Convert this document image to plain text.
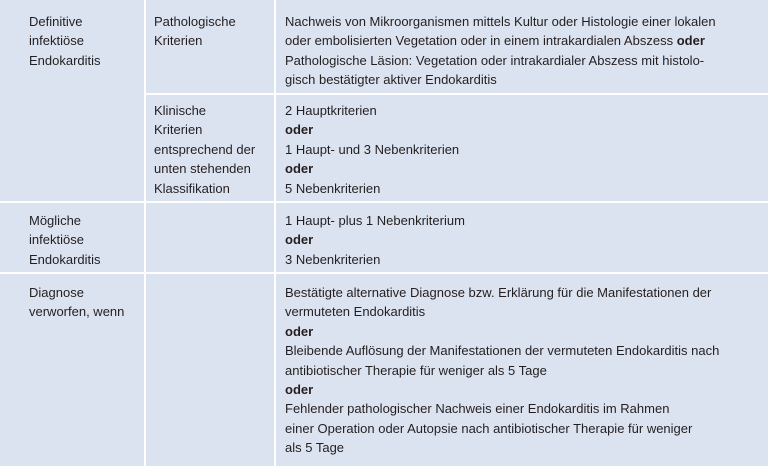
Definitive
infektiöse
Endokarditis
Pathologische
Kriterien
Nachweis von Mikroorganismen mittels Kultur oder Histologie einer lokalen
oder embolisierten Vegetation oder in einem intrakardialen Abszess oder
Pathologische Läsion: Vegetation oder intrakardialer Abszess mit histolo-
gisch bestätigter aktiver Endokarditis
Klinische
Kriterien
entsprechend der
unten stehenden
Klassifikation
2 Hauptkriterien
oder
1 Haupt- und 3 Nebenkriterien
oder
5 Nebenkriterien
Mögliche
infektiöse
Endokarditis
1 Haupt- plus 1 Nebenkriterium
oder
3 Nebenkriterien
Diagnose
verworfen, wenn
Bestätigte alternative Diagnose bzw. Erklärung für die Manifestationen der
vermuteten Endokarditis
oder
Bleibende Auflösung der Manifestationen der vermuteten Endokarditis nach
antibiotischer Therapie für weniger als 5 Tage
oder
Fehlender pathologischer Nachweis einer Endokarditis im Rahmen
einer Operation oder Autopsie nach antibiotischer Therapie für weniger
als 5 Tage
